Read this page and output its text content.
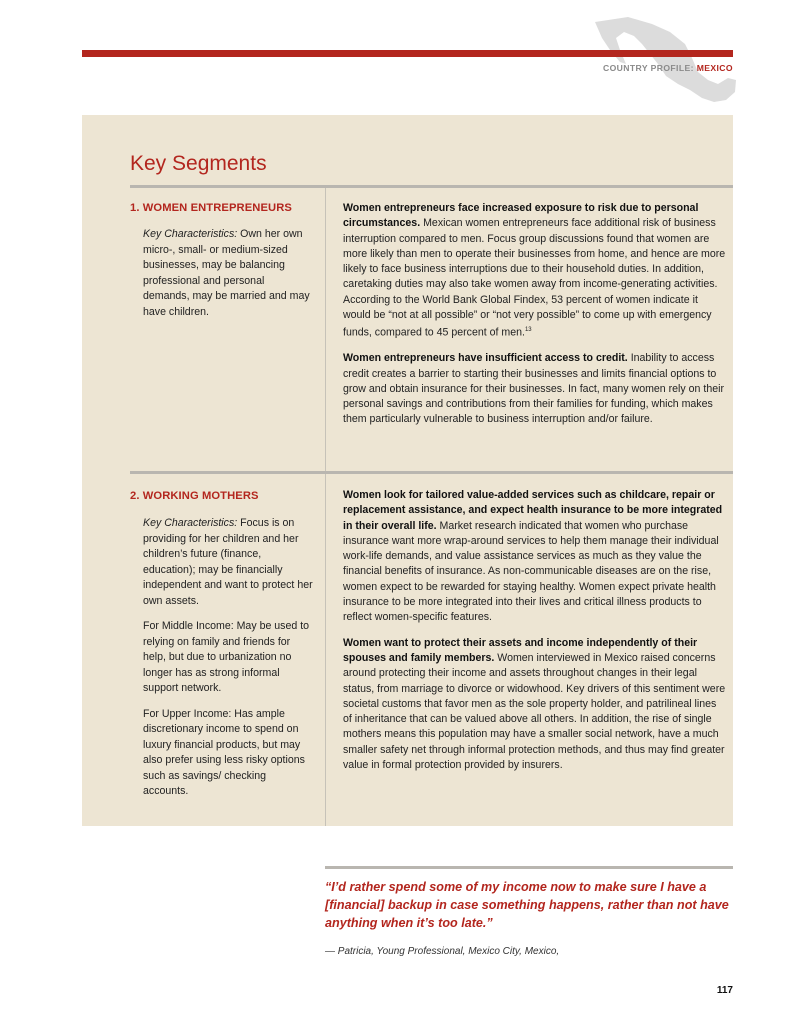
COUNTRY PROFILE: MEXICO
Key Segments
1. WOMEN ENTREPRENEURS

Key Characteristics: Own her own micro-, small- or medium-sized businesses, may be balancing professional and personal demands, may be married and may have children.

Women entrepreneurs face increased exposure to risk due to personal circumstances. Mexican women entrepreneurs face additional risk of business interruption compared to men. Focus group discussions found that women are more likely than men to operate their businesses from home, and hence are more likely to face business interruptions due to their household duties. In addition, caretaking duties may also take women away from income-generating activities. According to the World Bank Global Findex, 53 percent of women indicate it would be “not at all possible” or “not very possible” to come up with emergency funds, compared to 45 percent of men.$^{13}$

Women entrepreneurs have insufficient access to credit. Inability to access credit creates a barrier to starting their businesses and limits financial options to grow and obtain insurance for their businesses. In fact, many women rely on their personal savings and contributions from their families for funding, which makes them particularly vulnerable to business interruption and/or failure.

2. WORKING MOTHERS

Key Characteristics: Focus is on providing for her children and her children’s future (finance, education); may be financially independent and want to protect her own assets.

For Middle Income: May be used to relying on family and friends for help, but due to urbanization no longer has as strong informal support network.

For Upper Income: Has ample discretionary income to spend on luxury financial products, but may also prefer using less risky options such as savings/ checking accounts.

Women look for tailored value-added services such as childcare, repair or replacement assistance, and expect health insurance to be more integrated in their overall life. Market research indicated that women who purchase insurance want more wrap-around services to help them manage their individual work-life demands, and value assistance services as much as they value the financial benefits of insurance. As non-communicable diseases are on the rise, women expect to be rewarded for staying healthy. Women expect private health insurance to be more integrated into their lives and critical illness products to reflect women-specific features.

Women want to protect their assets and income independently of their spouses and family members. Women interviewed in Mexico raised concerns around protecting their income and assets throughout changes in their legal status, from marriage to divorce or widowhood. Key drivers of this sentiment were societal customs that favor men as the sole property holder, and patrilineal lines of inheritance that can be valued above all others. In addition, the rise of single mothers means this population may have a smaller social network, have a much smaller safety net through informal protection methods, and thus may find greater value in formal protection provided by insurers.

“I’d rather spend some of my income now to make sure I have a [financial] backup in case something happens, rather than not have anything when it’s too late.”
— Patricia, Young Professional, Mexico City, Mexico,
117
